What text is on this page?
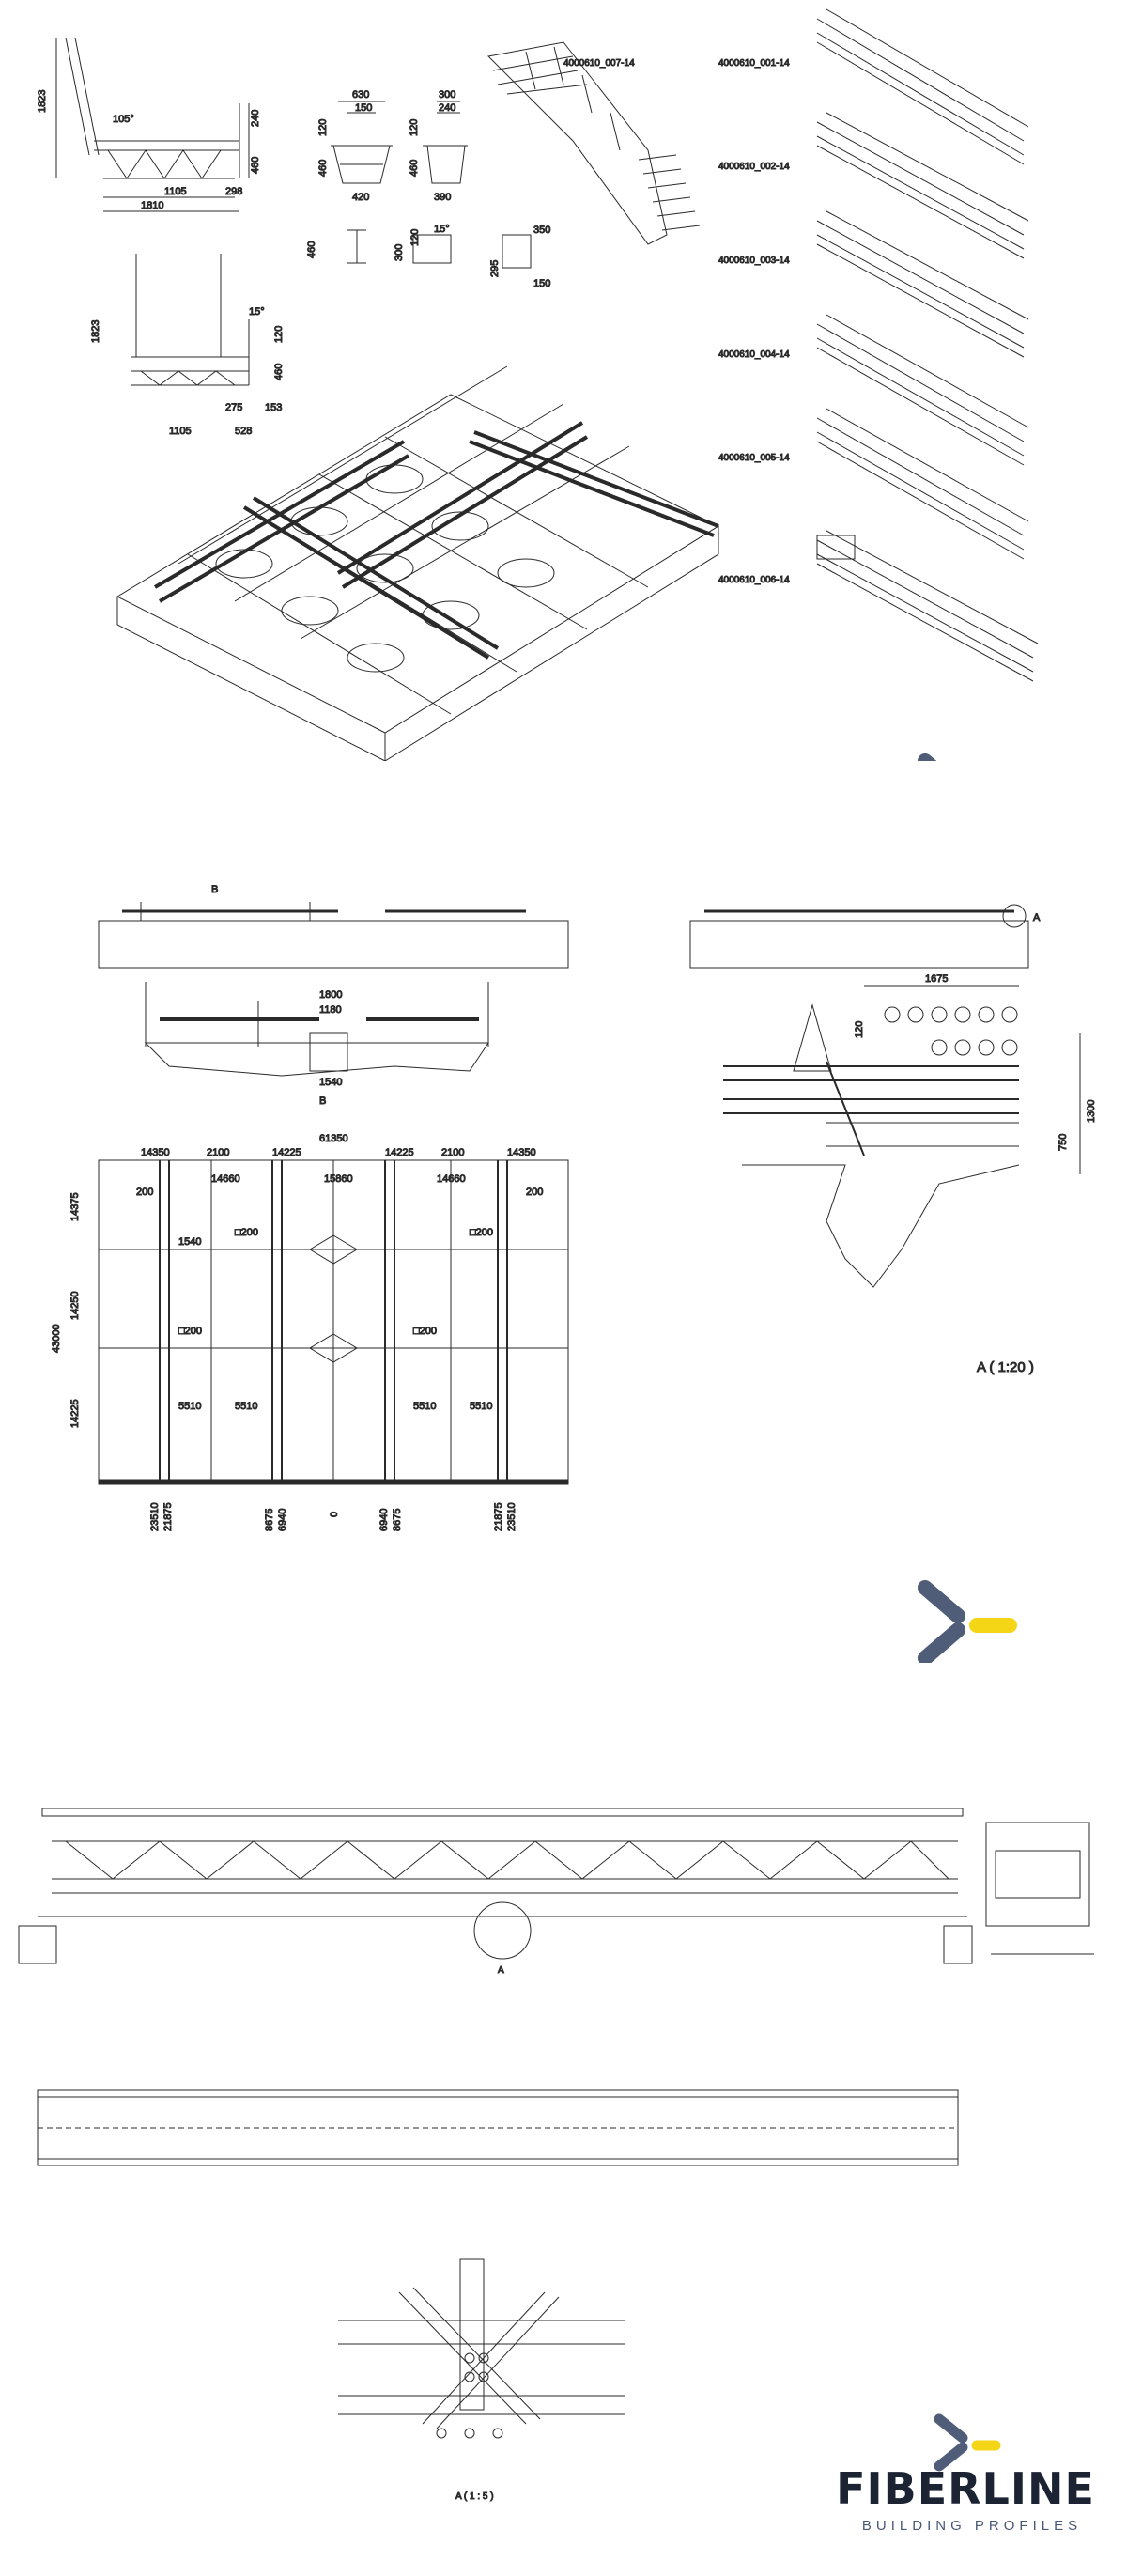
1823
105°	240
460
1105	298
1810
630
150
120
460
420
300
240
120
460
390
460	300
120 15°	350
295
150
1823
15°
120
460
275 153
1105	528
4000610_007-14	4000610_001-14
4000610_002-14
4000610_003-14
4000610_004-14
4000610_005-14
4000610_006-14
B
A
1800
1180
1540
B
61350
14350	2100	14225	14225	2100	14350
14660	15860	14660
200	200
43000
14375
14250
14225
1540
□200	□200
□200	□200
5510	5510	5510	5510
23510 21875	8675 6940	0	6940 8675	21875 23510
1675
120
1300
750
A ( 1:20 )
A
A ( 1 : 5 )	FIBERLINE
BUILDING PROFILES
